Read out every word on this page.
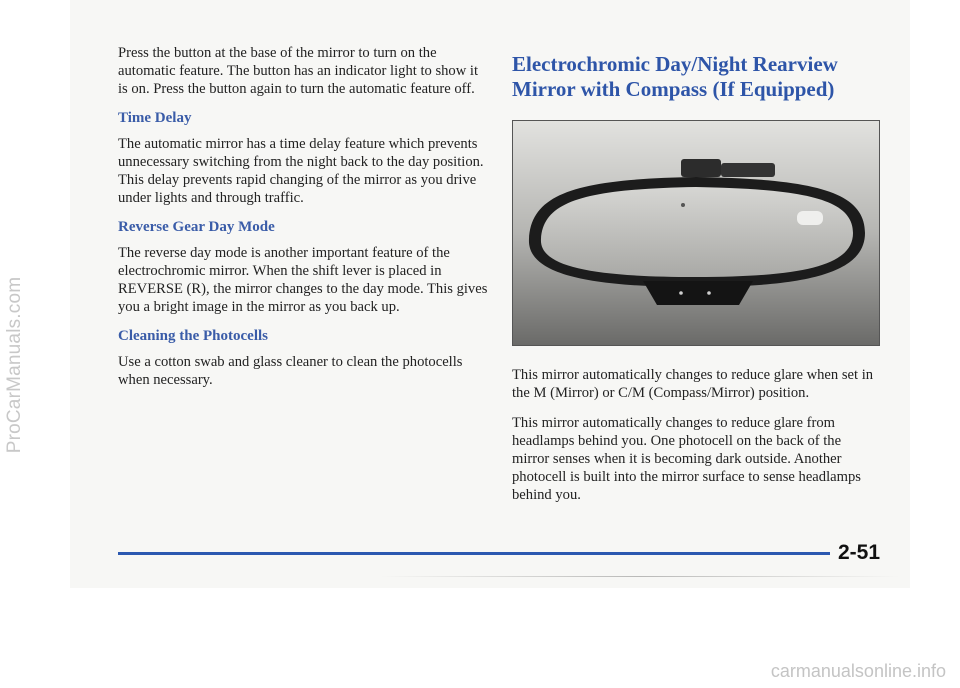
ProCarManuals.com

Press the button at the base of the mirror to turn on the automatic feature. The button has an indicator light to show it is on. Press the button again to turn the automatic feature off.

Time Delay

The automatic mirror has a time delay feature which prevents unnecessary switching from the night back to the day position. This delay prevents rapid changing of the mirror as you drive under lights and through traffic.

Reverse Gear Day Mode

The reverse day mode is another important feature of the electrochromic mirror. When the shift lever is placed in REVERSE (R), the mirror changes to the day mode. This gives you a bright image in the mirror as you back up.

Cleaning the Photocells

Use a cotton swab and glass cleaner to clean the photocells when necessary.

Electrochromic Day/Night Rearview Mirror with Compass (If Equipped)

This mirror automatically changes to reduce glare when set in the M (Mirror) or C/M (Compass/Mirror) position.

This mirror automatically changes to reduce glare from headlamps behind you. One photocell on the back of the mirror senses when it is becoming dark outside. Another photocell is built into the mirror surface to sense headlamps behind you.

2-51
carmanualsonline.info
